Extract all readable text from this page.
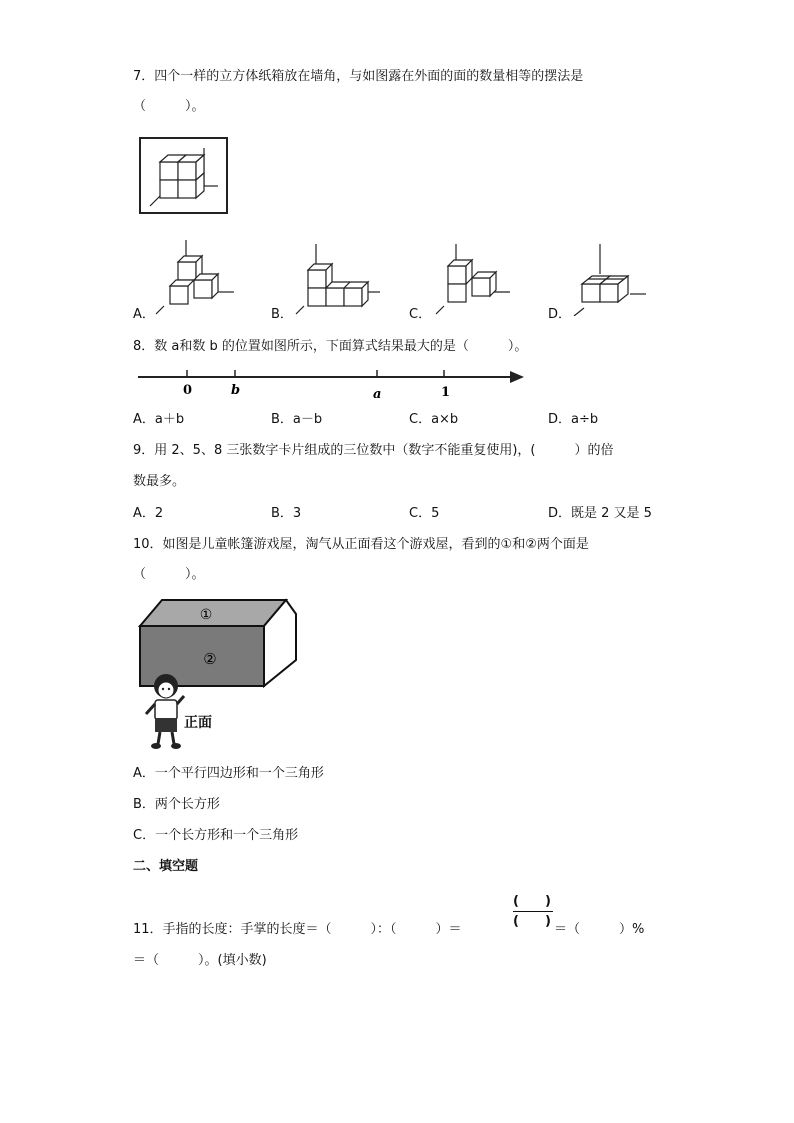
7．四个一样的立方体纸箱放在墙角，与如图露在外面的面的数量相等的摆法是
（　　　）。
A．	B．	C．	D．
8．数 a和数 b 的位置如图所示，下面算式结果最大的是（　　　）。
0	b	a	1
A．a＋b	B．a－b	C．a×b	D．a÷b
9．用 2、5、8 三张数字卡片组成的三位数中（数字不能重复使用)，(　　　）的倍
数最多。
A．2	B．3	C．5	D．既是 2 又是 5
10．如图是儿童帐篷游戏屋，淘气从正面看这个游戏屋，看到的①和②两个面是
（　　　）。
①
②
正面
A．一个平行四边形和一个三角形
B．两个长方形
C．一个长方形和一个三角形
二、填空题
11．手指的长度：手掌的长度＝（　　　）：（　　　）＝
(　　)
(　　)
＝（　　　）%
＝（　　　）。(填小数)
